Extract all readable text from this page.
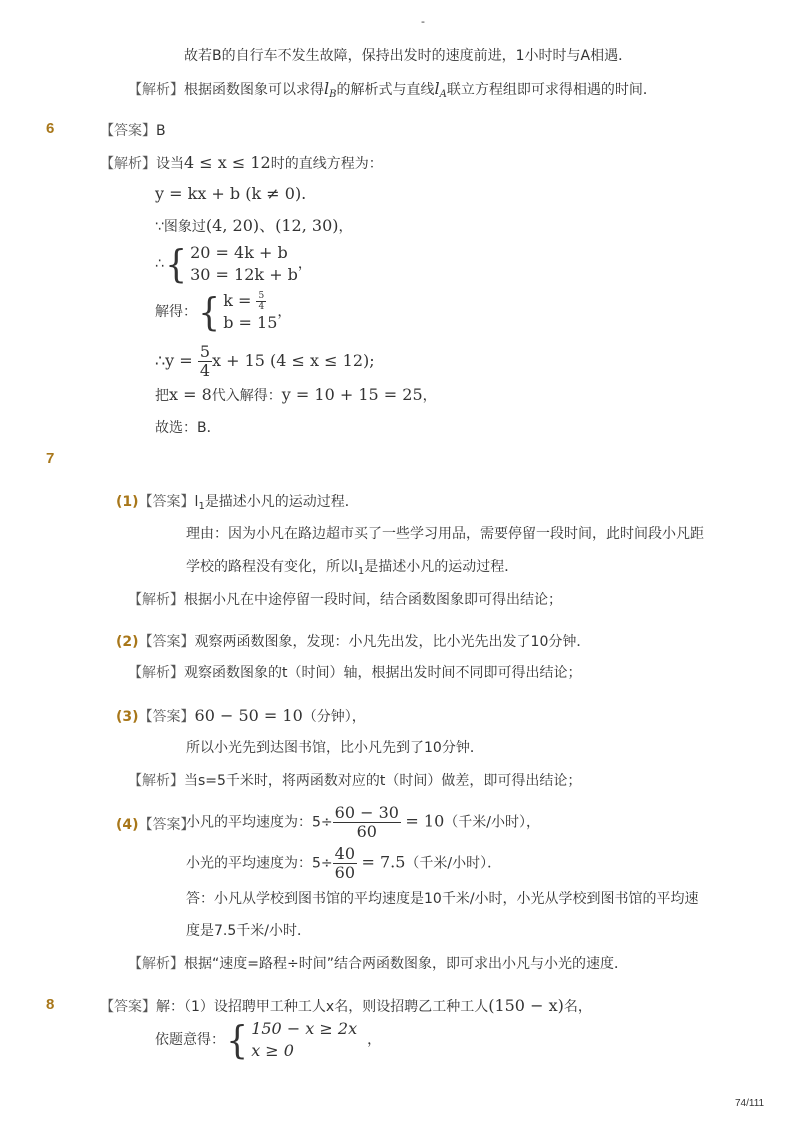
-
故若B的自行车不发生故障，保持出发时的速度前进，1小时时与A相遇．
【解析】根据函数图象可以求得$l_B$的解析式与直线$l_A$联立方程组即可求得相遇的时间．
6	【答案】B
【解析】设当4 ≤ x ≤ 12时的直线方程为：
y = kx + b (k ≠ 0).
∵图象过(4, 20)、(12, 30)，
∴ { 20 = 4k + b
30 = 12k + b
，
解得： { $k = \frac{5}{4}$
b = 15
，
∴y = $\frac{5}{4}$ x + 15 (4 ≤ x ≤ 12);
把x = 8代入解得：y = 10 + 15 = 25，
故选：B．
7
(1)【答案】$l_1$是描述小凡的运动过程．
理由：因为小凡在路边超市买了一些学习用品，需要停留一段时间，此时间段小凡距
学校的路程没有变化，所以$l_1$是描述小凡的运动过程．
【解析】根据小凡在中途停留一段时间，结合函数图象即可得出结论；
(2)【答案】观察两函数图象，发现：小凡先出发，比小光先出发了10分钟．
【解析】观察函数图象的t（时间）轴，根据出发时间不同即可得出结论；
(3)【答案】60 − 50 = 10（分钟），
所以小光先到达图书馆，比小凡先到了10分钟．
【解析】当s=5千米时，将两函数对应的t（时间）做差，即可得出结论；
(4)【答案】
小凡的平均速度为：$5\div \frac{60 - 30}{60} = 10$（千米/小时），
小光的平均速度为：$5\div \frac{40}{60} = 7.5$（千米/小时）．
答：小凡从学校到图书馆的平均速度是10千米/小时，小光从学校到图书馆的平均速
度是7.5千米/小时．
【解析】根据“速度=路程÷时间”结合两函数图象，即可求出小凡与小光的速度．
8	【答案】解：（1）设招聘甲工种工人x名，则设招聘乙工种工人(150 − x)名，
依题意得： { 150 − x ≥ 2x
x ≥ 0
，
74/111
